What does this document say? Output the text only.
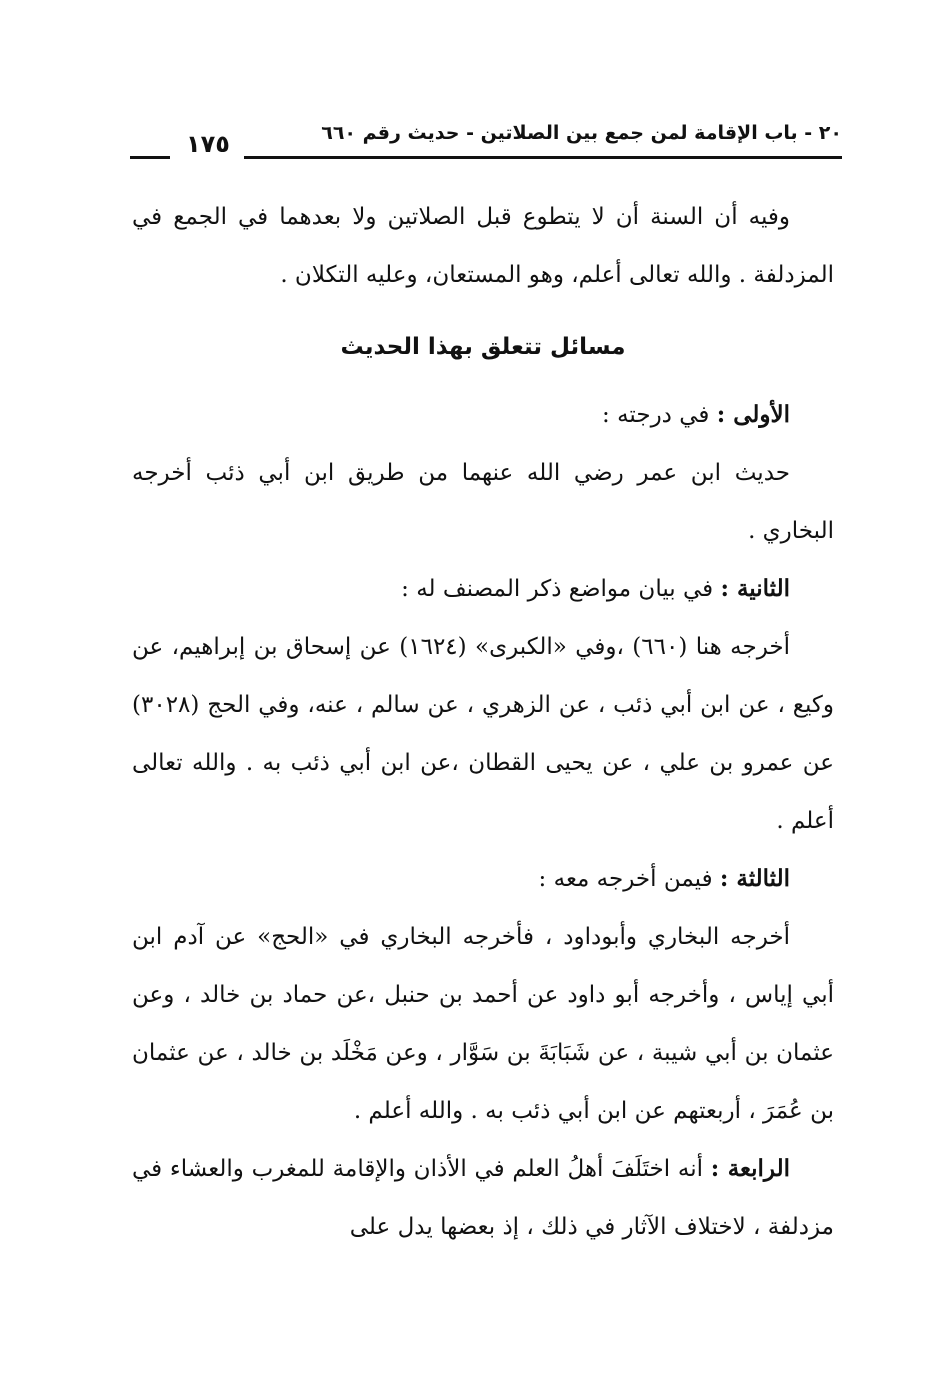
٢٠ - باب الإقامة لمن جمع بين الصلاتين - حديث رقم ٦٦٠
١٧٥

وفيه أن السنة أن لا يتطوع قبل الصلاتين ولا بعدهما في الجمع في المزدلفة . والله تعالى أعلم، وهو المستعان، وعليه التكلان .

مسائل تتعلق بهذا الحديث

الأولى : في درجته :

حديث ابن عمر رضي الله عنهما من طريق ابن أبي ذئب أخرجه البخاري .

الثانية : في بيان مواضع ذكر المصنف له :

أخرجه هنا (٦٦٠) ،وفي «الكبرى» (١٦٢٤) عن إسحاق بن إبراهيم، عن وكيع ، عن ابن أبي ذئب ، عن الزهري ، عن سالم ، عنه، وفي الحج (٣٠٢٨) عن عمرو بن علي ، عن يحيى القطان ،عن ابن أبي ذئب به . والله تعالى أعلم .

الثالثة : فيمن أخرجه معه :

أخرجه البخاري وأبوداود ، فأخرجه البخاري في «الحج» عن آدم ابن أبي إياس ، وأخرجه أبو داود عن أحمد بن حنبل ،عن حماد بن خالد ، وعن عثمان بن أبي شيبة ، عن شَبَابَةَ بن سَوَّار ، وعن مَخْلَد بن خالد ، عن عثمان بن عُمَرَ ، أربعتهم عن ابن أبي ذئب به . والله أعلم .

الرابعة : أنه اختَلَفَ أهلُ العلم في الأذان والإقامة للمغرب والعشاء في مزدلفة ، لاختلاف الآثار في ذلك ، إذ بعضها يدل على
